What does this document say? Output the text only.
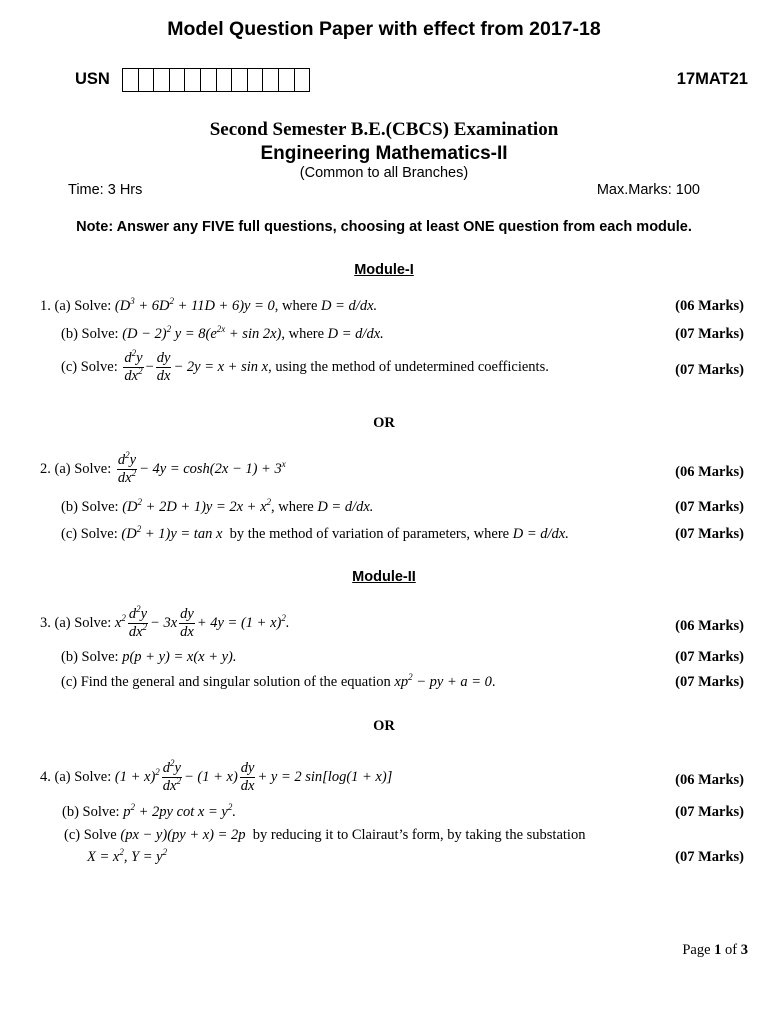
Model Question Paper with effect from 2017-18
USN	17MAT21
Second Semester B.E.(CBCS) Examination
Engineering Mathematics-II
(Common to all Branches)
Time: 3 Hrs	Max.Marks: 100
Note: Answer any FIVE full questions, choosing at least ONE question from each module.
Module-I
1.
(a) Solve:
$(D^3 + 6D^2 + 11D + 6)y = 0$ , where
D = d/dx.	(06 Marks)
(b) Solve:
$(D - 2)^2$ $y = 8(e^{2x} + \sin 2x)$ , where
D = d/dx.	(07 Marks)
(c) Solve:
$\frac{d^2y}{dx^2} - \frac{dy}{dx} - 2y = x + \sin x$ , using the method of undetermined coefficients.	(07 Marks)
OR
2.
(a) Solve:
$\frac{d^2y}{dx^2} - 4y = \cosh(2x - 1) + 3^x$
(06 Marks)
(b) Solve:
$(D^2 + 2D + 1)y = 2x + x^2$ , where
D = d/dx.	(07 Marks)
(c) Solve:
$(D^2 + 1)y = \tan x$
by the method of variation of parameters, where
D = d/dx.	(07 Marks)
Module-II
3.
(a) Solve:
$x^2 \frac{d^2y}{dx^2} - 3x \frac{dy}{dx} + 4y = (1 + x)^2$.	(06 Marks)
(b) Solve:
p(p + y) = x(x + y).	(07 Marks)
(c) Find the general and singular solution of the equation
$xp^2$ − py + a = 0 .	(07 Marks)
OR
4.
(a) Solve:
$(1 + x)^2 \frac{d^2y}{dx^2} - (1 + x) \frac{dy}{dx} + y = 2$ sin[log(1 + x)]	(06 Marks)
(b) Solve:
$p^2 + 2py$ $\cot x = y^2$.	(07 Marks)
(c) Solve
(px − y)(py + x) = 2p
by reducing it to Clairaut’s form, by taking the substation
$X = x^2$, $Y = y^2$	(07 Marks)
Page 1 of 3
